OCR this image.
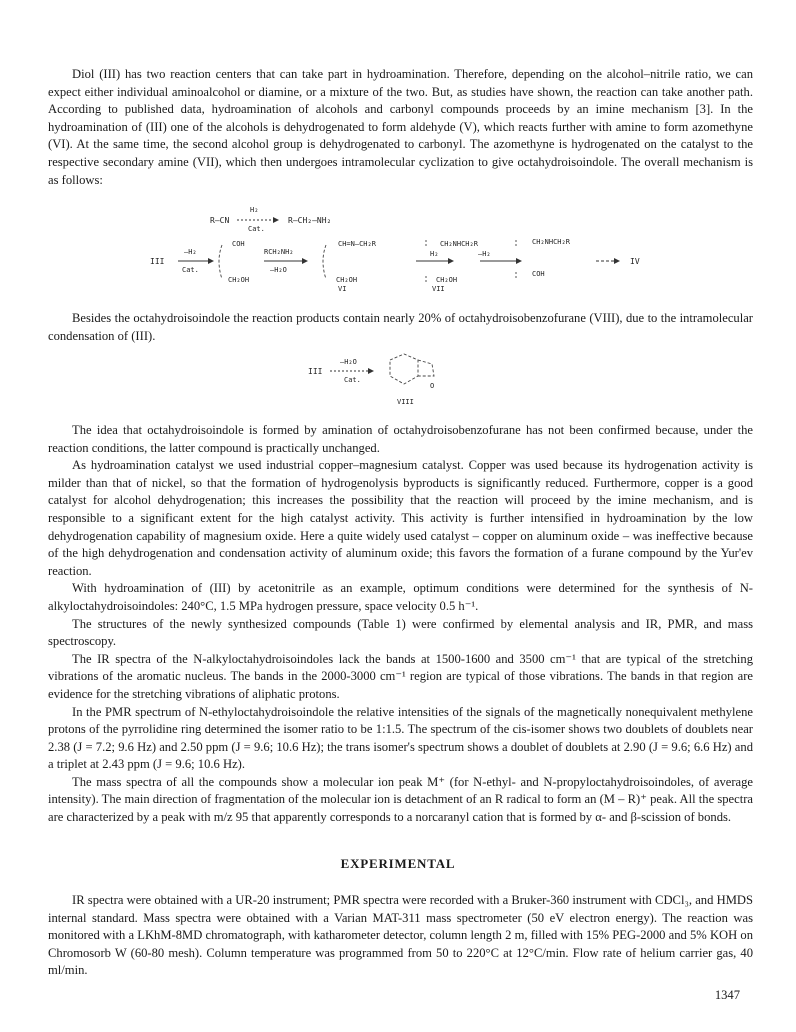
Diol (III) has two reaction centers that can take part in hydroamination. Therefore, depending on the alcohol–nitrile ratio, we can expect either individual aminoalcohol or diamine, or a mixture of the two. But, as studies have shown, the reaction can take another path. According to published data, hydroamination of alcohols and carbonyl compounds proceeds by an imine mechanism [3]. In the hydroamination of (III) one of the alcohols is dehydrogenated to form aldehyde (V), which reacts further with amine to form azomethyne (VI). At the same time, the second alcohol group is dehydrogenated to carbonyl. The azomethyne is hydrogenated on the catalyst to the respective secondary amine (VII), which then undergoes intramolecular cyclization to give octahydroisoindole. The overall mechanism is as follows:

R–CN
H₂
Cat.
R–CH₂–NH₂
III
–H₂
Cat.
COH
CH₂OH
RCH₂NH₂
–H₂O
CH=N–CH₂R
CH₂OH
VI
H₂
CH₂NHCH₂R
CH₂OH
VII
–H₂
CH₂NHCH₂R
COH
IV

Besides the octahydroisoindole the reaction products contain nearly 20% of octahydroisobenzofurane (VIII), due to the intramolecular condensation of (III).

III
–H₂O
Cat.
O
VIII

The idea that octahydroisoindole is formed by amination of octahydroisobenzofurane has not been confirmed because, under the reaction conditions, the latter compound is practically unchanged.

As hydroamination catalyst we used industrial copper–magnesium catalyst. Copper was used because its hydrogenation activity is milder than that of nickel, so that the formation of hydrogenolysis byproducts is significantly reduced. Furthermore, copper is a good catalyst for alcohol dehydrogenation; this increases the possibility that the reaction will proceed by the imine mechanism, and is responsible to a significant extent for the high catalyst activity. This activity is further intensified in hydroamination by the low dehydrogenation capability of magnesium oxide. Here a quite widely used catalyst – copper on aluminum oxide – was ineffective because of the high dehydrogenation and condensation activity of aluminum oxide; this favors the formation of a furane compound by the Yur'ev reaction.

With hydroamination of (III) by acetonitrile as an example, optimum conditions were determined for the synthesis of N-alkyloctahydroisoindoles: 240°C, 1.5 MPa hydrogen pressure, space velocity 0.5 h⁻¹.

The structures of the newly synthesized compounds (Table 1) were confirmed by elemental analysis and IR, PMR, and mass spectroscopy.

The IR spectra of the N-alkyloctahydroisoindoles lack the bands at 1500-1600 and 3500 cm⁻¹ that are typical of the stretching vibrations of the aromatic nucleus. The bands in the 2000-3000 cm⁻¹ region are typical of those vibrations. The bands in that region are evidence for the stretching vibrations of aliphatic protons.

In the PMR spectrum of N-ethyloctahydroisoindole the relative intensities of the signals of the magnetically nonequivalent methylene protons of the pyrrolidine ring determined the isomer ratio to be 1:1.5. The spectrum of the cis-isomer shows two doublets of doublets near 2.38 (J = 7.2; 9.6 Hz) and 2.50 ppm (J = 9.6; 10.6 Hz); the trans isomer's spectrum shows a doublet of doublets at 2.90 (J = 9.6; 6.6 Hz) and a triplet at 2.43 ppm (J = 9.6; 10.6 Hz).

The mass spectra of all the compounds show a molecular ion peak M⁺ (for N-ethyl- and N-propyloctahydroisoindoles, of average intensity). The main direction of fragmentation of the molecular ion is detachment of an R radical to form an (M – R)⁺ peak. All the spectra are characterized by a peak with m/z 95 that apparently corresponds to a norcaranyl cation that is formed by α- and β-scission of bonds.

EXPERIMENTAL

IR spectra were obtained with a UR-20 instrument; PMR spectra were recorded with a Bruker-360 instrument with CDCl₃, and HMDS internal standard. Mass spectra were obtained with a Varian MAT-311 mass spectrometer (50 eV electron energy). The reaction was monitored with a LKhM-8MD chromatograph, with katharometer detector, column length 2 m, filled with 15% PEG-2000 and 5% KOH on Chromosorb W (60-80 mesh). Column temperature was programmed from 50 to 220°C at 12°C/min. Flow rate of helium carrier gas, 40 ml/min.

1347
